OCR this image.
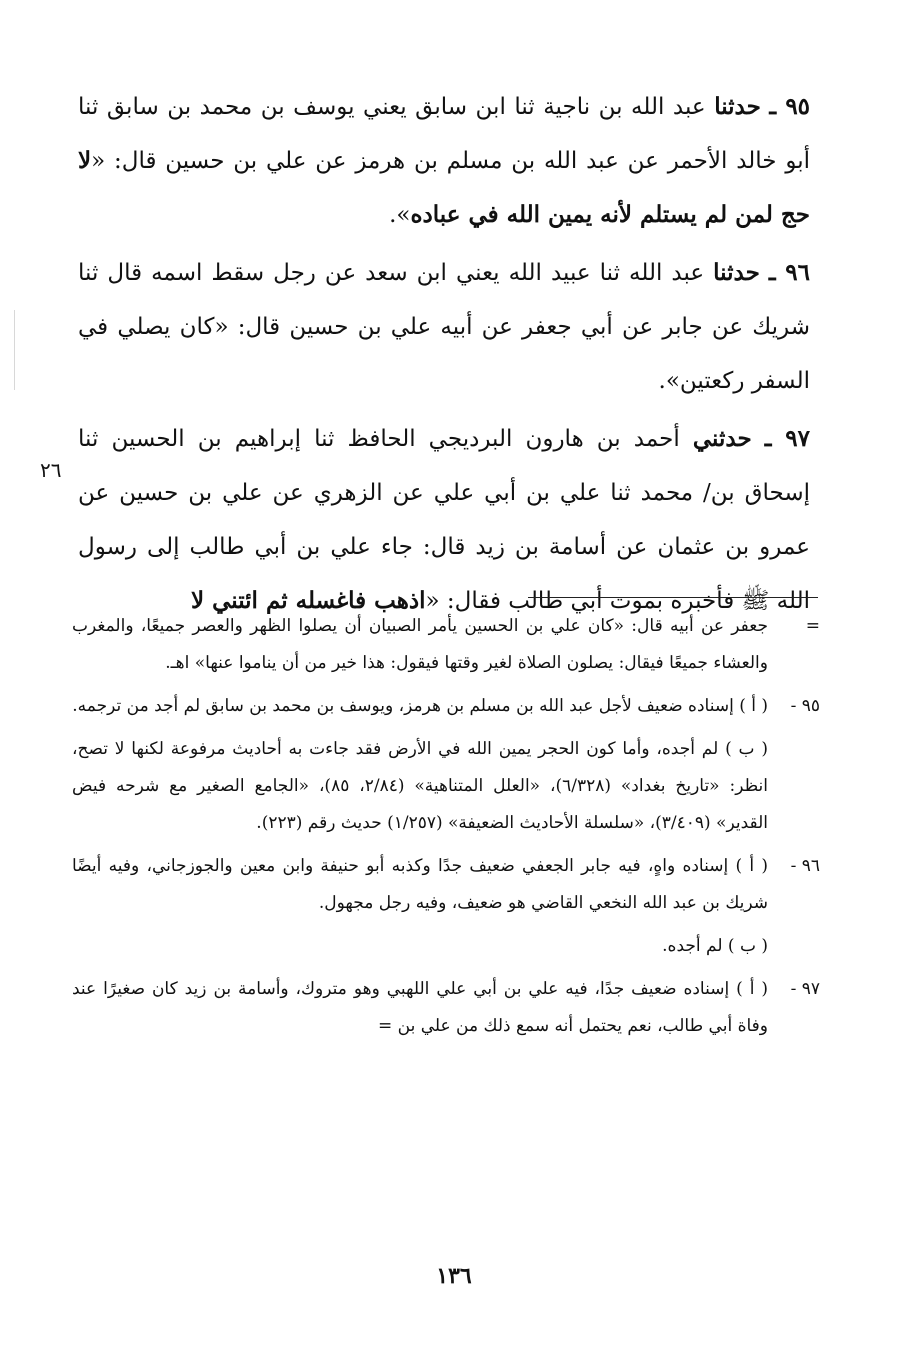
٩٥ ـ حدثنا عبد الله بن ناجية ثنا ابن سابق يعني يوسف بن محمد بن سابق ثنا أبو خالد الأحمر عن عبد الله بن مسلم بن هرمز عن علي بن حسين قال: «لا حج لمن لم يستلم لأنه يمين الله في عباده».

٩٦ ـ حدثنا عبد الله ثنا عبيد الله يعني ابن سعد عن رجل سقط اسمه قال ثنا شريك عن جابر عن أبي جعفر عن أبيه علي بن حسين قال: «كان يصلي في السفر ركعتين».

٩٧ ـ حدثني أحمد بن هارون البرديجي الحافظ ثنا إبراهيم بن الحسين ثنا إسحاق بن/ محمد ثنا علي بن أبي علي عن الزهري عن علي بن حسين عن عمرو بن عثمان عن أسامة بن زيد قال: جاء علي بن أبي طالب إلى رسول الله ﷺ فأخبره بموت أبي طالب فقال: «اذهب فاغسله ثم ائتني لا

٢٦
=

جعفر عن أبيه قال: «كان علي بن الحسين يأمر الصبيان أن يصلوا الظهر والعصر جميعًا، والمغرب والعشاء جميعًا فيقال: يصلون الصلاة لغير وقتها فيقول: هذا خير من أن يناموا عنها» اهـ.

٩٥ -

( أ ) إسناده ضعيف لأجل عبد الله بن مسلم بن هرمز، ويوسف بن محمد بن سابق لم أجد من ترجمه.

( ب ) لم أجده، وأما كون الحجر يمين الله في الأرض فقد جاءت به أحاديث مرفوعة لكنها لا تصح، انظر: «تاريخ بغداد» (٦/٣٢٨)، «العلل المتناهية» (٢/٨٤، ٨٥)، «الجامع الصغير مع شرحه فيض القدير» (٣/٤٠٩)، «سلسلة الأحاديث الضعيفة» (١/٢٥٧) حديث رقم (٢٢٣).

٩٦ -

( أ ) إسناده واهٍ، فيه جابر الجعفي ضعيف جدًا وكذبه أبو حنيفة وابن معين والجوزجاني، وفيه أيضًا شريك بن عبد الله النخعي القاضي هو ضعيف، وفيه رجل مجهول.

( ب ) لم أجده.

٩٧ -

( أ ) إسناده ضعيف جدًا، فيه علي بن أبي علي اللهبي وهو متروك، وأسامة بن زيد كان صغيرًا عند وفاة أبي طالب، نعم يحتمل أنه سمع ذلك من علي بن =

١٣٦
